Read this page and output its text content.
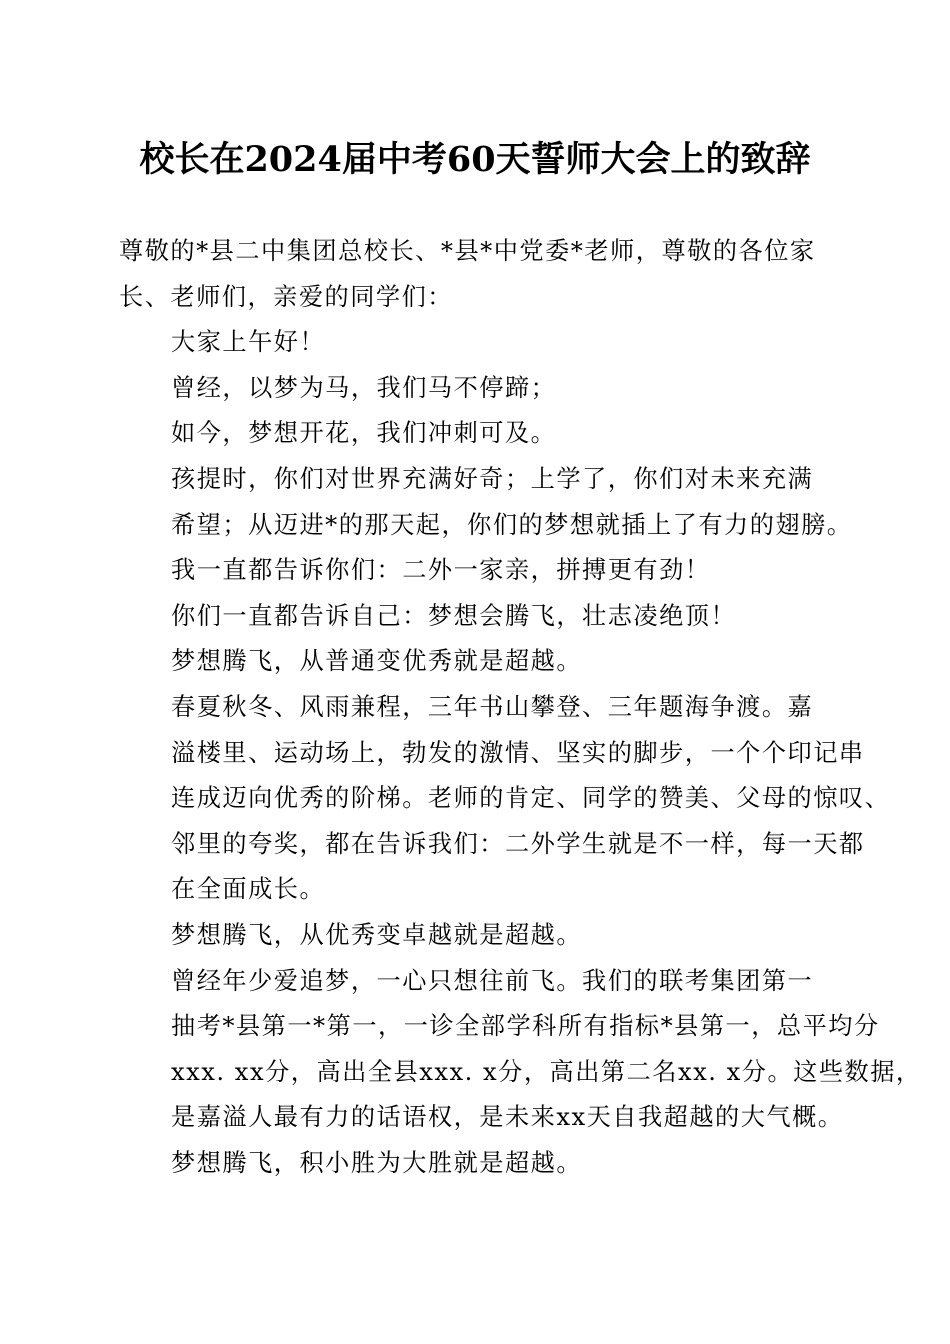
校长在2024届中考60天誓师大会上的致辞

尊敬的*县二中集团总校长、*县*中党委*老师，尊敬的各位家
长、老师们，亲爱的同学们：

大家上午好！

曾经，以梦为马，我们马不停蹄；

如今，梦想开花，我们冲刺可及。

孩提时，你们对世界充满好奇；上学了，你们对未来充满
希望；从迈进*的那天起，你们的梦想就插上了有力的翅膀。

我一直都告诉你们：二外一家亲，拼搏更有劲！

你们一直都告诉自己：梦想会腾飞，壮志凌绝顶！

梦想腾飞，从普通变优秀就是超越。

春夏秋冬、风雨兼程，三年书山攀登、三年题海争渡。嘉
溢楼里、运动场上，勃发的激情、坚实的脚步，一个个印记串
连成迈向优秀的阶梯。老师的肯定、同学的赞美、父母的惊叹、
邻里的夸奖，都在告诉我们：二外学生就是不一样，每一天都
在全面成长。

梦想腾飞，从优秀变卓越就是超越。

曾经年少爱追梦，一心只想往前飞。我们的联考集团第一
抽考*县第一*第一，一诊全部学科所有指标*县第一，总平均分
xxx. xx分，高出全县xxx. x分，高出第二名xx. x分。这些数据，
是嘉溢人最有力的话语权，是未来xx天自我超越的大气概。

梦想腾飞，积小胜为大胜就是超越。
